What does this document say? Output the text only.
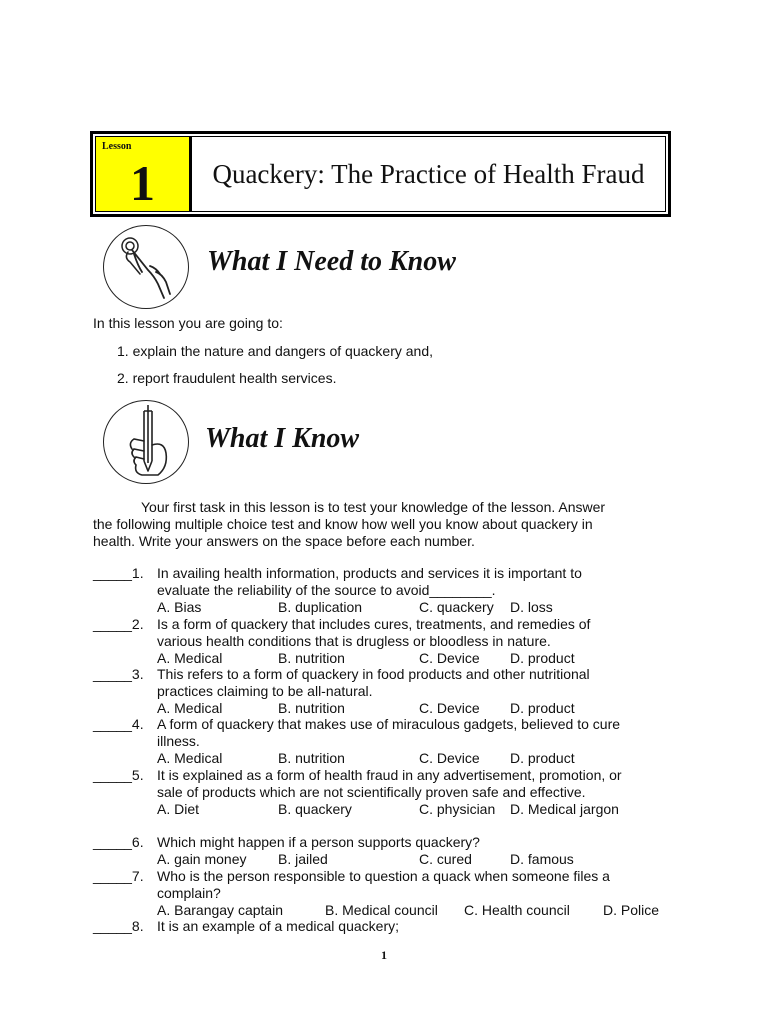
Lesson
1	Quackery: The Practice of Health Fraud
What I Need to Know
In this lesson you are going to:
1. explain the nature and dangers of quackery and,
2. report fraudulent health services.
What I Know
Your first task in this lesson is to test your knowledge of the lesson. Answer
the following multiple choice test and know how well you know about quackery in
health. Write your answers on the space before each number.
_____1. In availing health information, products and services it is important to
evaluate the reliability of the source to avoid________.
A. Bias	B. duplication	C. quackery D. loss
_____2. Is a form of quackery that includes cures, treatments, and remedies of
various health conditions that is drugless or bloodless in nature.
A. Medical	B. nutrition	C. Device D. product
_____3. This refers to a form of quackery in food products and other nutritional
practices claiming to be all-natural.
A. Medical	B. nutrition	C. Device D. product
_____4. A form of quackery that makes use of miraculous gadgets, believed to cure
illness.
A. Medical	B. nutrition	C. Device D. product
_____5. It is explained as a form of health fraud in any advertisement, promotion, or
sale of products which are not scientifically proven safe and effective.
A. Diet	B. quackery	C. physician D. Medical jargon
_____6. Which might happen if a person supports quackery?
A. gain money B. jailed	C. cured	D. famous
_____7. Who is the person responsible to question a quack when someone files a
complain?
A. Barangay captain	B. Medical council C. Health council D. Police
_____8. It is an example of a medical quackery;
1
